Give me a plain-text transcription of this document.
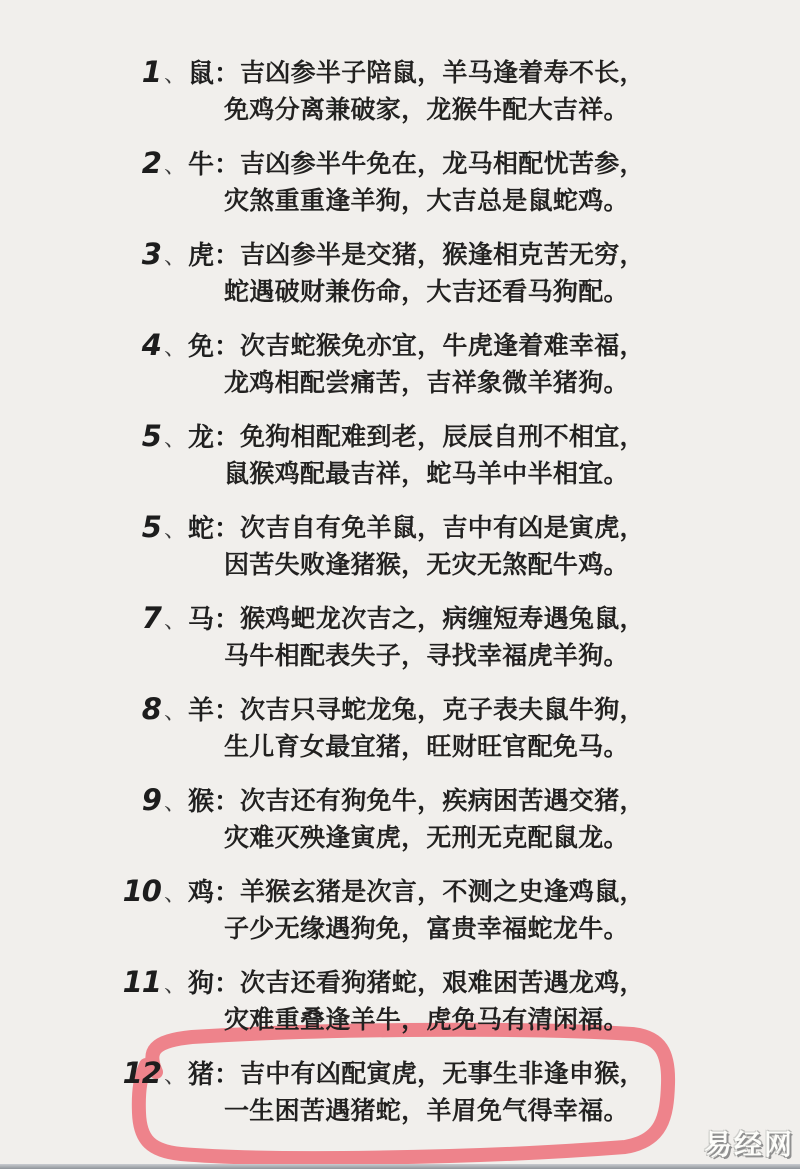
1 、 鼠 ： 吉凶参半子陪鼠，羊马逢着寿不长，
免鸡分离兼破家，龙猴牛配大吉祥。
2 、 牛 ： 吉凶参半牛免在，龙马相配忧苦参，
灾煞重重逢羊狗，大吉总是鼠蛇鸡。
3 、 虎 ： 吉凶参半是交猪，猴逢相克苦无穷，
蛇遇破财兼伤命，大吉还看马狗配。
4 、 免 ： 次吉蛇猴免亦宜，牛虎逢着难幸福，
龙鸡相配尝痛苦，吉祥象微羊猪狗。
5 、 龙 ： 免狗相配难到老，辰辰自刑不相宜，
鼠猴鸡配最吉祥，蛇马羊中半相宜。
5 、 蛇 ： 次吉自有免羊鼠，吉中有凶是寅虎，
因苦失败逢猪猴，无灾无煞配牛鸡。
7 、 马 ： 猴鸡蚆龙次吉之，病缠短寿遇兔鼠，
马牛相配表失子，寻找幸福虎羊狗。
8 、 羊 ： 次吉只寻蛇龙兔，克子表夫鼠牛狗，
生儿育女最宜猪，旺财旺官配免马。
9 、 猴 ： 次吉还有狗免牛，疾病困苦遇交猪，
灾难灭殃逢寅虎，无刑无克配鼠龙。
10 、 鸡 ： 羊猴玄猪是次言，不测之史逢鸡鼠，
子少无缘遇狗免，富贵幸福蛇龙牛。
11 、 狗 ： 次吉还看狗猪蛇，艰难困苦遇龙鸡，
灾难重叠逢羊牛，虎免马有清闲福。
12 、 猪 ： 吉中有凶配寅虎，无事生非逢申猴，
一生困苦遇猪蛇，羊眉免气得幸福。
易经网
